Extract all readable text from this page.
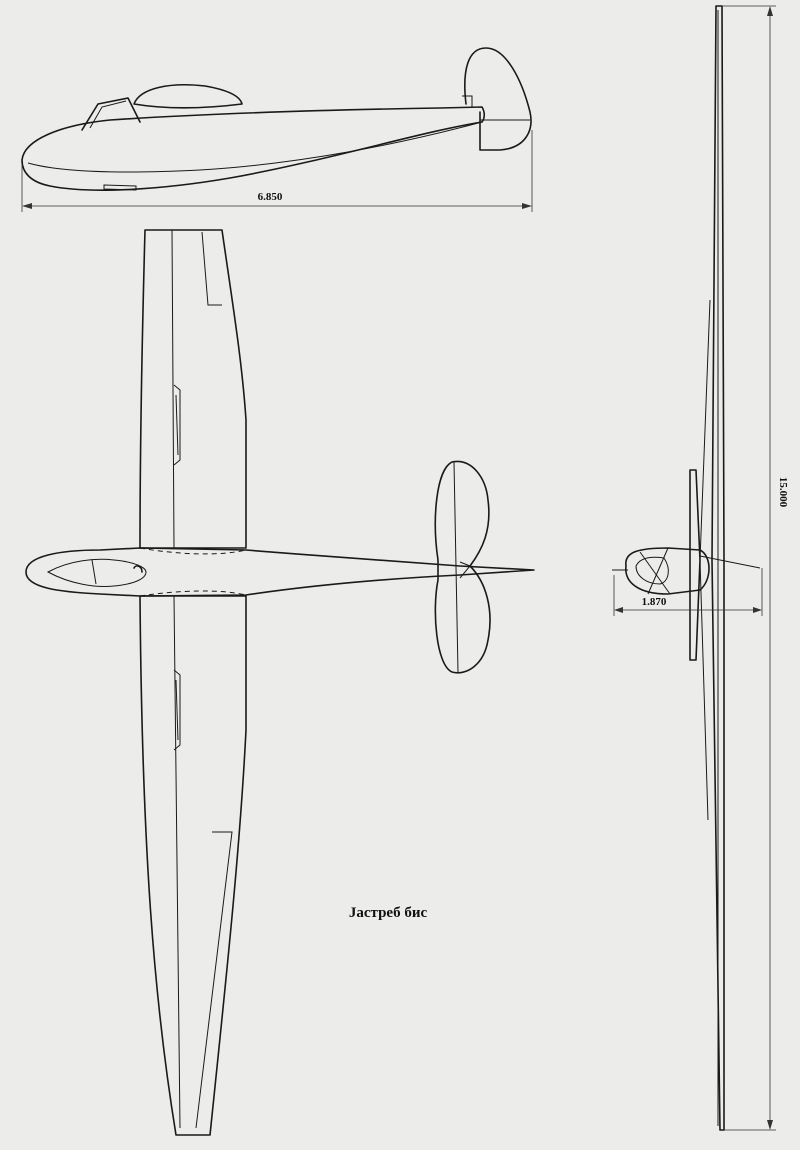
6.850
1.870
15.000
Јастреб бис
